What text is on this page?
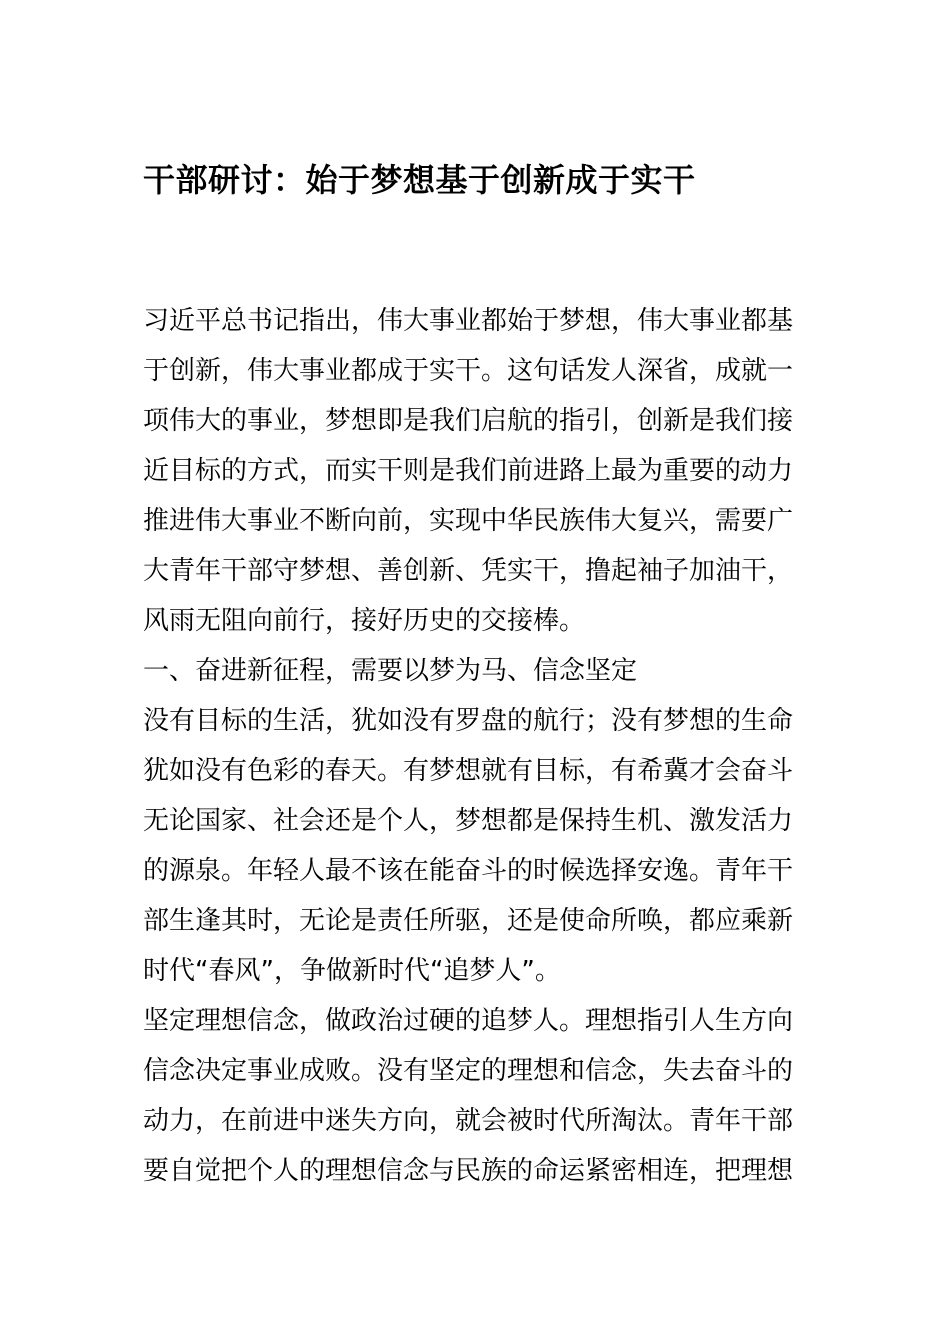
干部研讨：始于梦想基于创新成于实干
习近平总书记指出，伟大事业都始于梦想，伟大事业都基
于创新，伟大事业都成于实干。这句话发人深省，成就一
项伟大的事业，梦想即是我们启航的指引，创新是我们接
近目标的方式，而实干则是我们前进路上最为重要的动力
推进伟大事业不断向前，实现中华民族伟大复兴，需要广
大青年干部守梦想、善创新、凭实干，撸起袖子加油干，
风雨无阻向前行，接好历史的交接棒。
一、奋进新征程，需要以梦为马、信念坚定
没有目标的生活，犹如没有罗盘的航行；没有梦想的生命
犹如没有色彩的春天。有梦想就有目标，有希冀才会奋斗
无论国家、社会还是个人，梦想都是保持生机、激发活力
的源泉。年轻人最不该在能奋斗的时候选择安逸。青年干
部生逢其时，无论是责任所驱，还是使命所唤，都应乘新
时代“春风”，争做新时代“追梦人”。
坚定理想信念，做政治过硬的追梦人。理想指引人生方向
信念决定事业成败。没有坚定的理想和信念，失去奋斗的
动力，在前进中迷失方向，就会被时代所淘汰。青年干部
要自觉把个人的理想信念与民族的命运紧密相连，把理想
